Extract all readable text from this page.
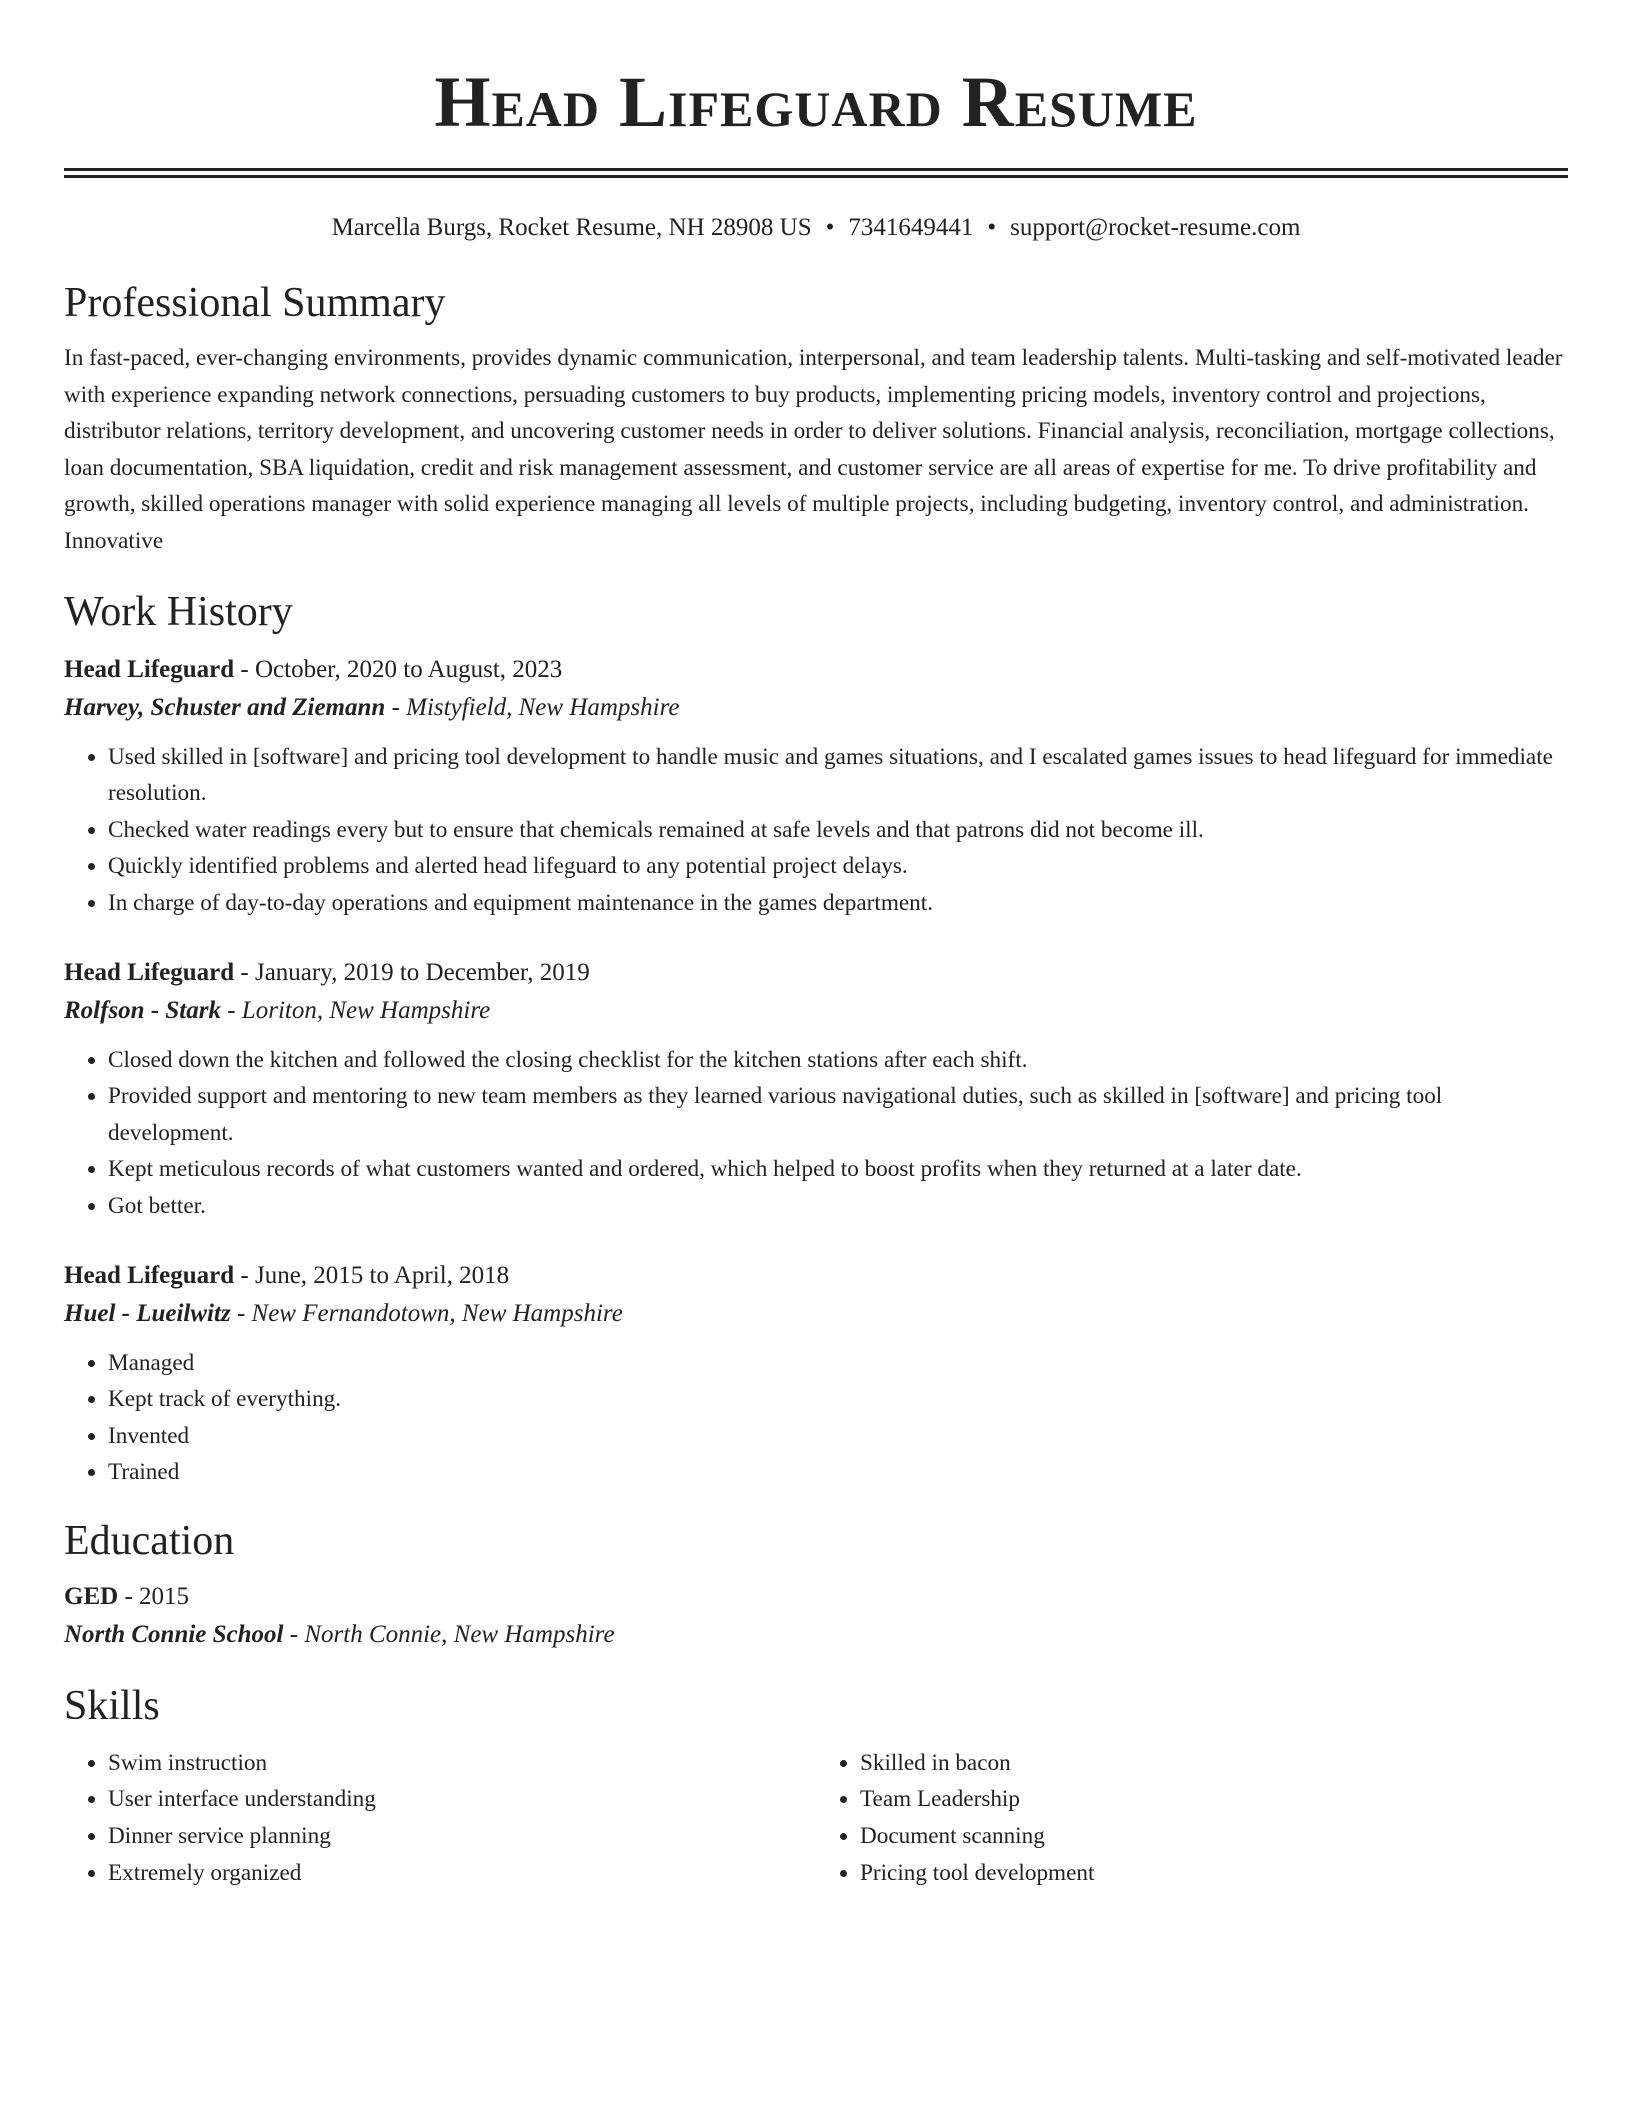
Head Lifeguard Resume

Marcella Burgs, Rocket Resume, NH 28908 US • 7341649441 • support@rocket-resume.com

Professional Summary

In fast-paced, ever-changing environments, provides dynamic communication, interpersonal, and team leadership talents. Multi-tasking and self-motivated leader with experience expanding network connections, persuading customers to buy products, implementing pricing models, inventory control and projections, distributor relations, territory development, and uncovering customer needs in order to deliver solutions. Financial analysis, reconciliation, mortgage collections, loan documentation, SBA liquidation, credit and risk management assessment, and customer service are all areas of expertise for me. To drive profitability and growth, skilled operations manager with solid experience managing all levels of multiple projects, including budgeting, inventory control, and administration. Innovative

Work History
Head Lifeguard - October, 2020 to August, 2023
Harvey, Schuster and Ziemann - Mistyfield, New Hampshire
• Used skilled in [software] and pricing tool development to handle music and games situations, and I escalated games issues to head lifeguard for immediate resolution.
• Checked water readings every but to ensure that chemicals remained at safe levels and that patrons did not become ill.
• Quickly identified problems and alerted head lifeguard to any potential project delays.
• In charge of day-to-day operations and equipment maintenance in the games department.
Head Lifeguard - January, 2019 to December, 2019
Rolfson - Stark - Loriton, New Hampshire
• Closed down the kitchen and followed the closing checklist for the kitchen stations after each shift.
• Provided support and mentoring to new team members as they learned various navigational duties, such as skilled in [software] and pricing tool development.
• Kept meticulous records of what customers wanted and ordered, which helped to boost profits when they returned at a later date.
• Got better.
Head Lifeguard - June, 2015 to April, 2018
Huel - Lueilwitz - New Fernandotown, New Hampshire
• Managed
• Kept track of everything.
• Invented
• Trained
Education
GED - 2015
North Connie School - North Connie, New Hampshire
Skills
• Swim instruction
• User interface understanding
• Dinner service planning
• Extremely organized
• Skilled in bacon
• Team Leadership
• Document scanning
• Pricing tool development
